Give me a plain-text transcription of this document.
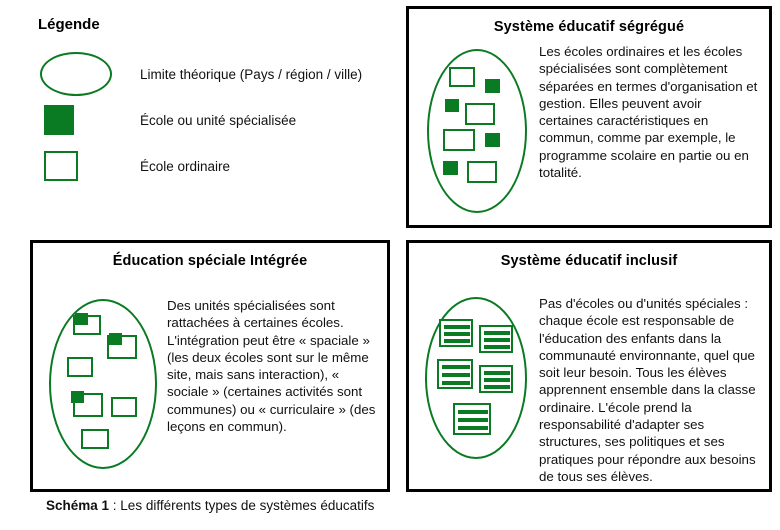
Légende
Limite théorique (Pays / région / ville)
École ou unité spécialisée
École ordinaire
Système éducatif ségrégué
Les écoles ordinaires et les écoles spécialisées sont complètement séparées en termes d'organisation et gestion. Elles peuvent avoir certaines caractéristiques en commun, comme par exemple, le programme scolaire en partie ou en totalité.
Éducation spéciale Intégrée
Des unités spécialisées sont rattachées à certaines écoles. L'intégration peut être « spaciale » (les deux écoles sont sur le même site, mais sans interaction), « sociale » (certaines activités sont communes) ou « curriculaire » (des leçons en commun).
Système éducatif inclusif
Pas d'écoles ou d'unités spéciales : chaque école est responsable de l'éducation des enfants dans la communauté environnante, quel que soit leur besoin. Tous les élèves apprennent ensemble dans la classe ordinaire. L'école prend la responsabilité d'adapter ses structures, ses politiques et ses pratiques pour répondre aux besoins de tous ses élèves.
Schéma 1 : Les différents types de systèmes éducatifs
